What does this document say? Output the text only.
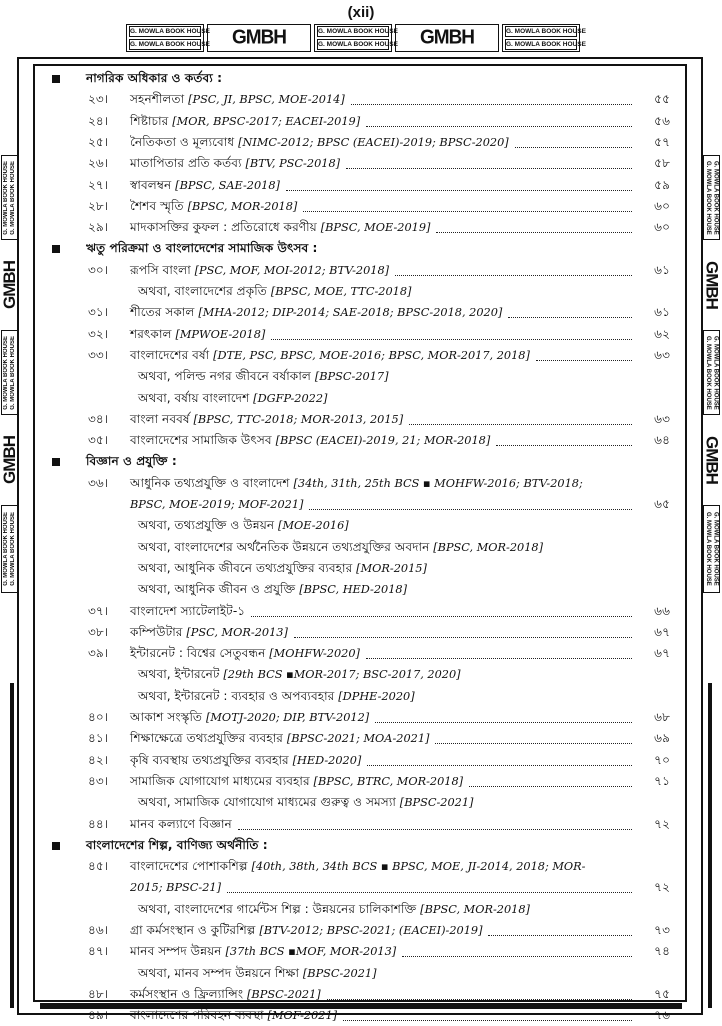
(xii)
G. MOWLA BOOK HOUSE
G. MOWLA BOOK HOUSE GMBH	G. MOWLA BOOK HOUSE
G. MOWLA BOOK HOUSE GMBH	G. MOWLA BOOK HOUSE
G. MOWLA BOOK HOUSE
G. MOWLA BOOK HOUSE G. MOWLA BOOK HOUSE
GMBH
G. MOWLA BOOK HOUSE G. MOWLA BOOK HOUSE
GMBH
G. MOWLA BOOK HOUSE G. MOWLA BOOK HOUSE
G. MOWLA BOOK HOUSE G. MOWLA BOOK HOUSE
GMBH
G. MOWLA BOOK HOUSE G. MOWLA BOOK HOUSE
GMBH
G. MOWLA BOOK HOUSE G. MOWLA BOOK HOUSE
নাগরিক অধিকার ও কর্তব্য :
২৩।	সহনশীলতা [PSC, JI, BPSC, MOE-2014]	৫৫
২৪।	শিষ্টাচার [MOR, BPSC-2017; EACEI-2019]	৫৬
২৫।	নৈতিকতা ও মূল্যবোধ [NIMC-2012; BPSC (EACEI)-2019; BPSC-2020]	৫৭
২৬।	মাতাপিতার প্রতি কর্তব্য [BTV, PSC-2018]	৫৮
২৭।	স্বাবলম্বন [BPSC, SAE-2018]	৫৯
২৮।	শৈশব স্মৃতি [BPSC, MOR-2018]	৬০
২৯।	মাদকাসক্তির কুফল : প্রতিরোধে করণীয় [BPSC, MOE-2019]	৬০
ঋতু পরিক্রমা ও বাংলাদেশের সামাজিক উৎসব :
৩০।	রূপসি বাংলা [PSC, MOF, MOI-2012; BTV-2018]	৬১
অথবা, বাংলাদেশের প্রকৃতি [BPSC, MOE, TTC-2018]
৩১।	শীতের সকাল [MHA-2012; DIP-2014; SAE-2018; BPSC-2018, 2020]	৬১
৩২।	শরৎকাল [MPWOE-2018]	৬২
৩৩।	বাংলাদেশের বর্ষা [DTE, PSC, BPSC, MOE-2016; BPSC, MOR-2017, 2018]	৬৩
অথবা, পলিল্ড নগর জীবনে বর্ষাকাল [BPSC-2017]
অথবা, বর্ষায় বাংলাদেশ [DGFP-2022]
৩৪।	বাংলা নববর্ষ [BPSC, TTC-2018; MOR-2013, 2015]	৬৩
৩৫।	বাংলাদেশের সামাজিক উৎসব [BPSC (EACEI)-2019, 21; MOR-2018]	৬৪
বিজ্ঞান ও প্রযুক্তি :
৩৬।	আধুনিক তথ্যপ্রযুক্তি ও বাংলাদেশ [34th, 31th, 25th BCS ▪ MOHFW-2016; BTV-2018;
BPSC, MOE-2019; MOF-2021]	৬৫
অথবা, তথ্যপ্রযুক্তি ও উন্নয়ন [MOE-2016]
অথবা, বাংলাদেশের অর্থনৈতিক উন্নয়নে তথ্যপ্রযুক্তির অবদান [BPSC, MOR-2018]
অথবা, আধুনিক জীবনে তথ্যপ্রযুক্তির ব্যবহার [MOR-2015]
অথবা, আধুনিক জীবন ও প্রযুক্তি [BPSC, HED-2018]
৩৭।	বাংলাদেশ স্যাটেলাইট-১	৬৬
৩৮।	কম্পিউটার [PSC, MOR-2013]	৬৭
৩৯।	ইন্টারনেট : বিশ্বের সেতুবন্ধন [MOHFW-2020]	৬৭
অথবা, ইন্টারনেট [29th BCS ▪MOR-2017; BSC-2017, 2020]
অথবা, ইন্টারনেট : ব্যবহার ও অপব্যবহার [DPHE-2020]
৪০।	আকাশ সংস্কৃতি [MOTJ-2020; DIP, BTV-2012]	৬৮
৪১।	শিক্ষাক্ষেত্রে তথ্যপ্রযুক্তির ব্যবহার [BPSC-2021; MOA-2021]	৬৯
৪২।	কৃষি ব্যবস্থায় তথ্যপ্রযুক্তির ব্যবহার [HED-2020]	৭০
৪৩।	সামাজিক যোগাযোগ মাধ্যমের ব্যবহার [BPSC, BTRC, MOR-2018]	৭১
অথবা, সামাজিক যোগাযোগ মাধ্যমের গুরুত্ব ও সমস্যা [BPSC-2021]
৪৪।	মানব কল্যাণে বিজ্ঞান	৭২
বাংলাদেশের শিল্প, বাণিজ্য অর্থনীতি :
৪৫।	বাংলাদেশের পোশাকশিল্প [40th, 38th, 34th BCS ▪ BPSC, MOE, JI-2014, 2018; MOR-
2015; BPSC-21]	৭২
অথবা, বাংলাদেশের গার্মেন্টস শিল্প : উন্নয়নের চালিকাশক্তি [BPSC, MOR-2018]
৪৬।	গ্রা কর্মসংস্থান ও কুটিরশিল্প [BTV-2012; BPSC-2021; (EACEI)-2019]	৭৩
৪৭।	মানব সম্পদ উন্নয়ন [37th BCS ▪MOF, MOR-2013]	৭৪
অথবা, মানব সম্পদ উন্নয়নে শিক্ষা [BPSC-2021]
৪৮।	কর্মসংস্থান ও ফ্রিল্যান্সিং [BPSC-2021]	৭৫
৪৯।	বাংলাদেশের পরিবহন ব্যবস্থা [MOF-2021]	৭৬
